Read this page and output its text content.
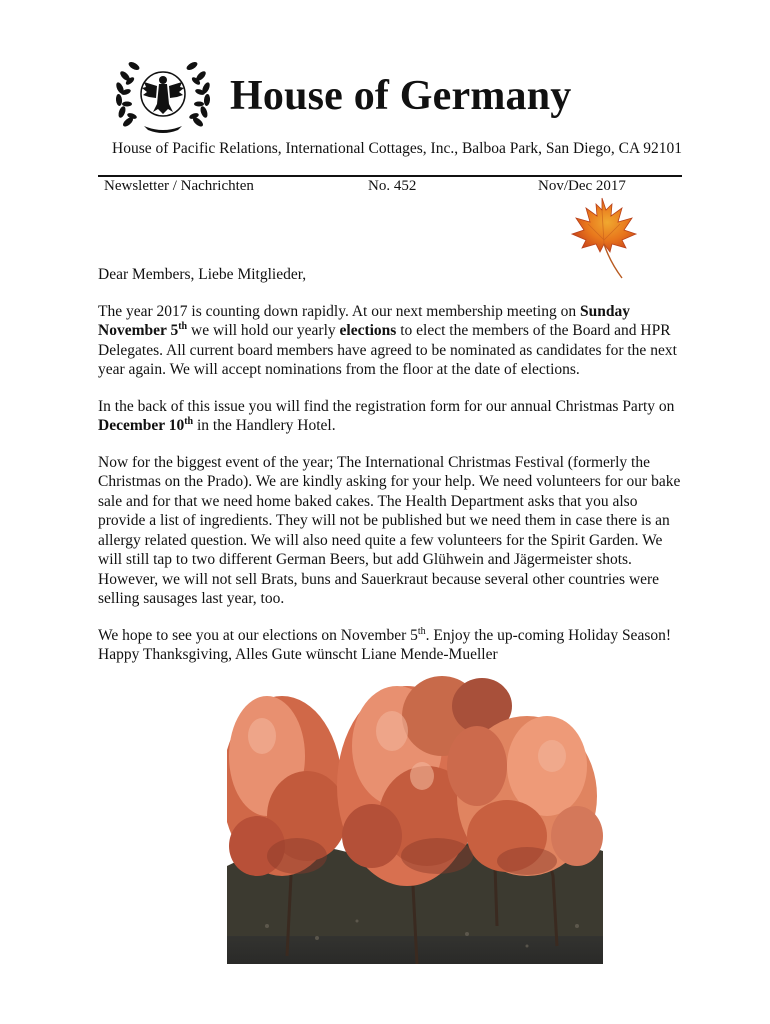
House of Germany
House of Pacific Relations, International Cottages, Inc., Balboa Park, San Diego, CA 92101
Newsletter / Nachrichten	No. 452	Nov/Dec 2017

Dear Members, Liebe Mitglieder,

The year 2017 is counting down rapidly. At our next membership meeting on Sunday November 5th we will hold our yearly elections to elect the members of the Board and HPR Delegates. All current board members have agreed to be nominated as candidates for the next year again. We will accept nominations from the floor at the date of elections.

In the back of this issue you will find the registration form for our annual Christmas Party on December 10th in the Handlery Hotel.

Now for the biggest event of the year; The International Christmas Festival (formerly the Christmas on the Prado). We are kindly asking for your help. We need volunteers for our bake sale and for that we need home baked cakes. The Health Department asks that you also provide a list of ingredients. They will not be published but we need them in case there is an allergy related question. We will also need quite a few volunteers for the Spirit Garden. We will still tap to two different German Beers, but add Glühwein and Jägermeister shots. However, we will not sell Brats, buns and Sauerkraut because several other countries were selling sausages last year, too.

We hope to see you at our elections on November 5th. Enjoy the up-coming Holiday Season!
Happy Thanksgiving, Alles Gute wünscht Liane Mende-Mueller
